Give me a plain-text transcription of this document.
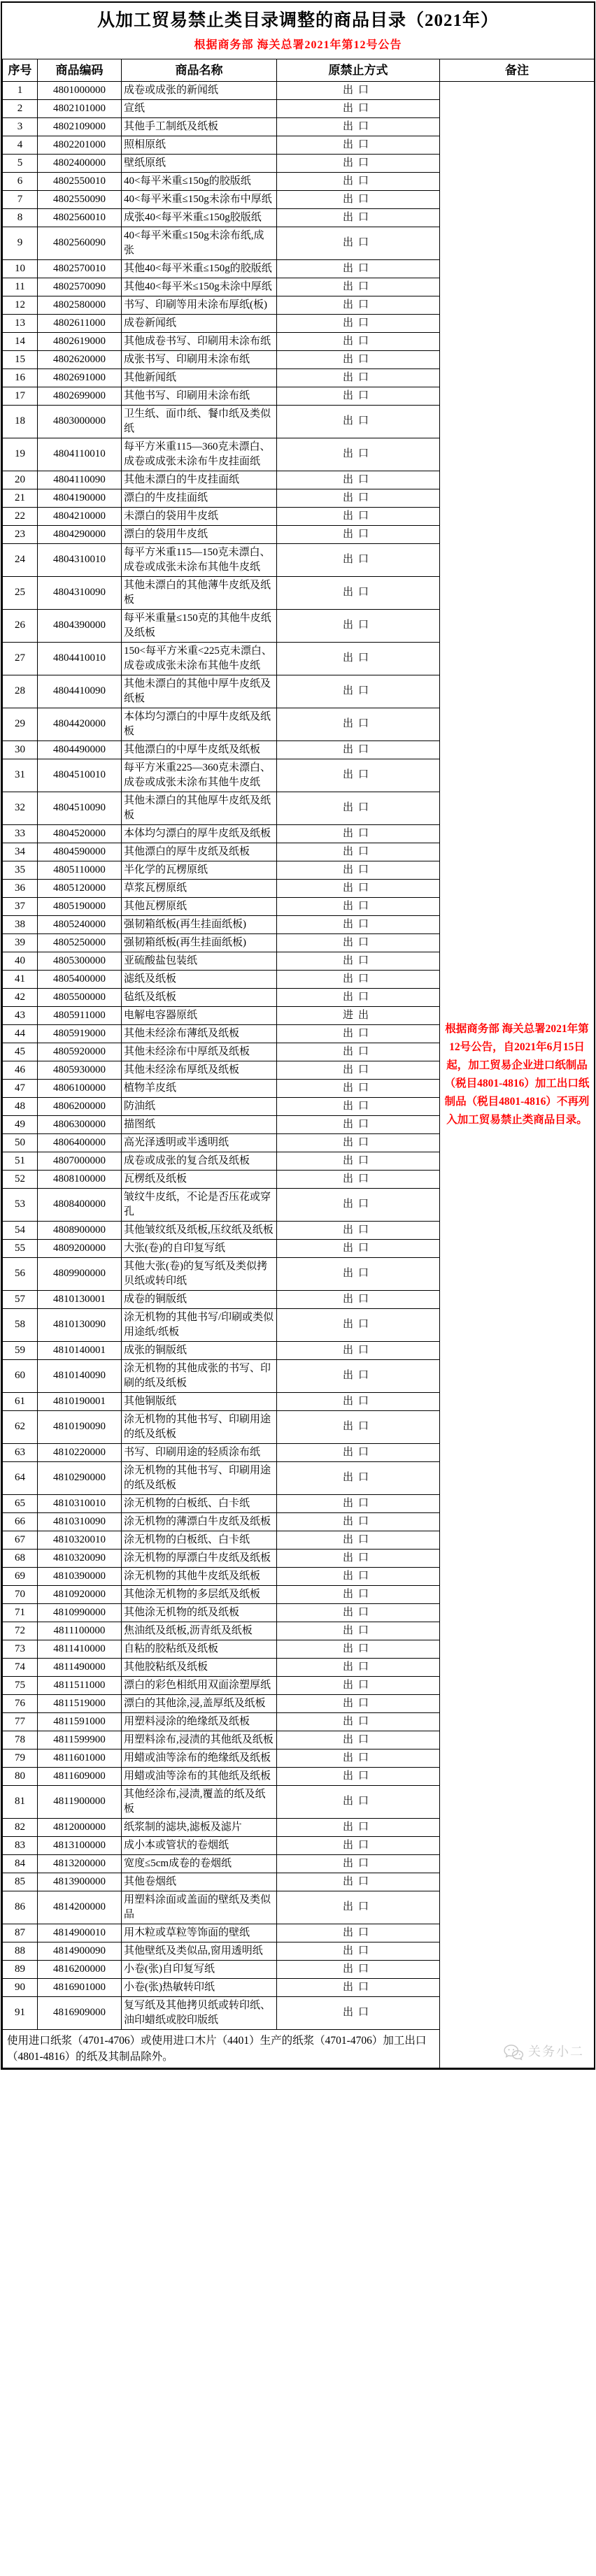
从加工贸易禁止类目录调整的商品目录（2021年）
根据商务部 海关总署2021年第12号公告
序号	商品编码	商品名称	原禁止方式	备注
1	4801000000	成卷或成张的新闻纸	出口	根据商务部 海关总署2021年第12号公告，自2021年6月15日起，加工贸易企业进口纸制品（税目4801-4816）加工出口纸制品（税目4801-4816）不再列入加工贸易禁止类商品目录。
关务小二

2	4802101000	宣纸	出口	
3	4802109000	其他手工制纸及纸板	出口	
4	4802201000	照相原纸	出口	
5	4802400000	壁纸原纸	出口	
6	4802550010	40<每平米重≤150g的胶版纸	出口	
7	4802550090	40<每平米重≤150g未涂布中厚纸	出口	
8	4802560010	成张40<每平米重≤150g胶版纸	出口	
9	4802560090	40<每平米重≤150g未涂布纸,成张	出口	
10	4802570010	其他40<每平米重≤150g的胶版纸	出口	
11	4802570090	其他40<每平米≤150g未涂中厚纸	出口	
12	4802580000	书写、印刷等用未涂布厚纸(板)	出口	
13	4802611000	成卷新闻纸	出口	
14	4802619000	其他成卷书写、印刷用未涂布纸	出口	
15	4802620000	成张书写、印刷用未涂布纸	出口	
16	4802691000	其他新闻纸	出口	
17	4802699000	其他书写、印刷用未涂布纸	出口	
18	4803000000	卫生纸、面巾纸、餐巾纸及类似纸	出口	
19	4804110010	每平方米重115—360克未漂白、成卷或成张未涂布牛皮挂面纸	出口	
20	4804110090	其他未漂白的牛皮挂面纸	出口	
21	4804190000	漂白的牛皮挂面纸	出口	
22	4804210000	未漂白的袋用牛皮纸	出口	
23	4804290000	漂白的袋用牛皮纸	出口	
24	4804310010	每平方米重115—150克未漂白、成卷或成张未涂布其他牛皮纸	出口	
25	4804310090	其他未漂白的其他薄牛皮纸及纸板	出口	
26	4804390000	每平米重量≤150克的其他牛皮纸及纸板	出口	
27	4804410010	150<每平方米重<225克未漂白、成卷或成张未涂布其他牛皮纸	出口	
28	4804410090	其他未漂白的其他中厚牛皮纸及纸板	出口	
29	4804420000	本体均匀漂白的中厚牛皮纸及纸板	出口	
30	4804490000	其他漂白的中厚牛皮纸及纸板	出口	
31	4804510010	每平方米重225—360克未漂白、成卷或成张未涂布其他牛皮纸	出口	
32	4804510090	其他未漂白的其他厚牛皮纸及纸板	出口	
33	4804520000	本体均匀漂白的厚牛皮纸及纸板	出口	
34	4804590000	其他漂白的厚牛皮纸及纸板	出口	
35	4805110000	半化学的瓦楞原纸	出口	
36	4805120000	草浆瓦楞原纸	出口	
37	4805190000	其他瓦楞原纸	出口	
38	4805240000	强韧箱纸板(再生挂面纸板)	出口	
39	4805250000	强韧箱纸板(再生挂面纸板)	出口	
40	4805300000	亚硫酸盐包装纸	出口	
41	4805400000	滤纸及纸板	出口	
42	4805500000	毡纸及纸板	出口	
43	4805911000	电解电容器原纸	进出	
44	4805919000	其他未经涂布薄纸及纸板	出口	
45	4805920000	其他未经涂布中厚纸及纸板	出口	
46	4805930000	其他未经涂布厚纸及纸板	出口	
47	4806100000	植物羊皮纸	出口	
48	4806200000	防油纸	出口	
49	4806300000	描图纸	出口	
50	4806400000	高光泽透明或半透明纸	出口	
51	4807000000	成卷或成张的复合纸及纸板	出口	
52	4808100000	瓦楞纸及纸板	出口	
53	4808400000	皱纹牛皮纸，不论是否压花或穿孔	出口	
54	4808900000	其他皱纹纸及纸板,压纹纸及纸板	出口	
55	4809200000	大张(卷)的自印复写纸	出口	
56	4809900000	其他大张(卷)的复写纸及类似拷贝纸或转印纸	出口	
57	4810130001	成卷的铜版纸	出口	
58	4810130090	涂无机物的其他书写/印刷或类似用途纸/纸板	出口	
59	4810140001	成张的铜版纸	出口	
60	4810140090	涂无机物的其他成张的书写、印刷的纸及纸板	出口	
61	4810190001	其他铜版纸	出口	
62	4810190090	涂无机物的其他书写、印刷用途的纸及纸板	出口	
63	4810220000	书写、印刷用途的轻质涂布纸	出口	
64	4810290000	涂无机物的其他书写、印刷用途的纸及纸板	出口	
65	4810310010	涂无机物的白板纸、白卡纸	出口	
66	4810310090	涂无机物的薄漂白牛皮纸及纸板	出口	
67	4810320010	涂无机物的白板纸、白卡纸	出口	
68	4810320090	涂无机物的厚漂白牛皮纸及纸板	出口	
69	4810390000	涂无机物的其他牛皮纸及纸板	出口	
70	4810920000	其他涂无机物的多层纸及纸板	出口	
71	4810990000	其他涂无机物的纸及纸板	出口	
72	4811100000	焦油纸及纸板,沥青纸及纸板	出口	
73	4811410000	自粘的胶粘纸及纸板	出口	
74	4811490000	其他胶粘纸及纸板	出口	
75	4811511000	漂白的彩色相纸用双面涂塑厚纸	出口	
76	4811519000	漂白的其他涂,浸,盖厚纸及纸板	出口	
77	4811591000	用塑料浸涂的绝缘纸及纸板	出口	
78	4811599900	用塑料涂布,浸渍的其他纸及纸板	出口	
79	4811601000	用蜡或油等涂布的绝缘纸及纸板	出口	
80	4811609000	用蜡或油等涂布的其他纸及纸板	出口	
81	4811900000	其他经涂布,浸渍,覆盖的纸及纸板	出口	
82	4812000000	纸浆制的滤块,滤板及滤片	出口	
83	4813100000	成小本或管状的卷烟纸	出口	
84	4813200000	宽度≤5cm成卷的卷烟纸	出口	
85	4813900000	其他卷烟纸	出口	
86	4814200000	用塑料涂面或盖面的壁纸及类似品	出口	
87	4814900010	用木粒或草粒等饰面的壁纸	出口	
88	4814900090	其他壁纸及类似品,窗用透明纸	出口	
89	4816200000	小卷(张)自印复写纸	出口	
90	4816901000	小卷(张)热敏转印纸	出口	
91	4816909000	复写纸及其他拷贝纸或转印纸、油印蜡纸或胶印版纸	出口	
使用进口纸浆（4701-4706）或使用进口木片（4401）生产的纸浆（4701-4706）加工出口（4801-4816）的纸及其制品除外。				
